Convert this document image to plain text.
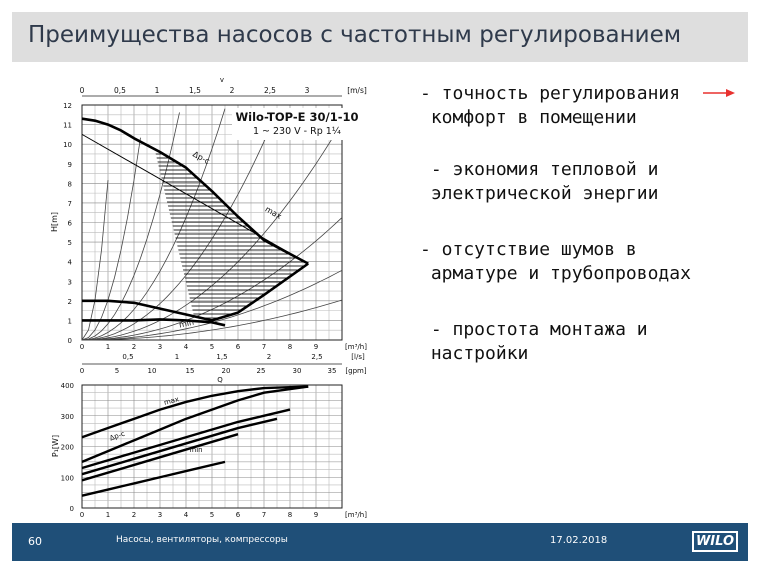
Преимущества насосов с частотным регулированием
Wilo-TOP-E 30/1-10
1 ~ 230 V - Rp 1¼
Δp-c
max
min
0
1
2
3
4
5
6
7
8
9
10
11
12
H[m]
0	0,5	1	1,5	2	2,5	3	[m/s]
v
0	1	2	3	4	5	6	7	8	9	[m³/h]
0,5	1	1,5	2	2,5	[l/s]
0	5	10	15	20	25	30	35 [gpm]
max
Δp-c
min
0
100
200
300
400
P₁[W]
0	1	2	3	4	5	6	7	8	9	[m³/h]
Q
- точность регулирования
комфорт в помещении
- экономия тепловой и
электрической энергии
- отсутствие шумов в
арматуре и трубопроводах
- простота монтажа и
настройки
60	Насосы, вентиляторы, компрессоры	17.02.2018	WILO
